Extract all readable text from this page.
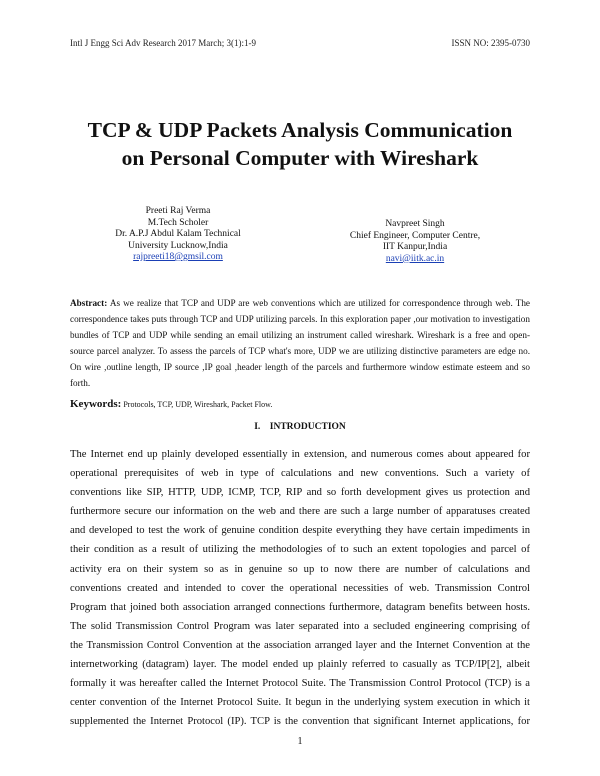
Intl J Engg Sci Adv Research 2017 March; 3(1):1-9	ISSN NO: 2395-0730
TCP & UDP Packets Analysis Communication
on Personal Computer with Wireshark
Preeti Raj Verma
M.Tech Scholer
Dr. A.P.J Abdul Kalam Technical
University Lucknow,India
rajpreeti18@gmsil.com
Navpreet Singh
Chief Engineer, Computer Centre,
IIT Kanpur,India
navi@iitk.ac.in
Abstract: As we realize that TCP and UDP are web conventions which are utilized for correspondence through web. The correspondence takes puts through TCP and UDP utilizing parcels. In this exploration paper ,our motivation to investigation bundles of TCP and UDP while sending an email utilizing an instrument called wireshark. Wireshark is a free and open-source parcel analyzer. To assess the parcels of TCP what's more, UDP we are utilizing distinctive parameters are edge no. On wire ,outline length, IP source ,IP goal ,header length of the parcels and furthermore window estimate esteem and so forth.
Keywords: Protocols, TCP, UDP, Wireshark, Packet Flow.
I.    INTRODUCTION
The Internet end up plainly developed essentially in extension, and numerous comes about appeared for
operational prerequisites of web in type of calculations and new conventions. Such a variety of
conventions like SIP, HTTP, UDP, ICMP, TCP, RIP and so forth development gives us protection and
furthermore secure our information on the web and there are such a large number of apparatuses created
and developed to test the work of genuine condition despite everything they have certain impediments in
their condition as a result of utilizing the methodologies of to such an extent topologies and parcel of
activity era on their system so as in genuine so up to now there are number of calculations and
conventions created and intended to cover the operational necessities of web. Transmission Control
Program that joined both association arranged connections furthermore, datagram benefits between hosts.
The solid Transmission Control Program was later separated into a secluded engineering comprising of
the Transmission Control Convention at the association arranged layer and the Internet Convention at the
internetworking (datagram) layer. The model ended up plainly referred to casually as TCP/IP[2], albeit
formally it was hereafter called the Internet Protocol Suite. The Transmission Control Protocol (TCP) is a
center convention of the Internet Protocol Suite. It begun in the underlying system execution in which it
supplemented the Internet Protocol (IP). TCP is the convention that significant Internet applications, for
1
